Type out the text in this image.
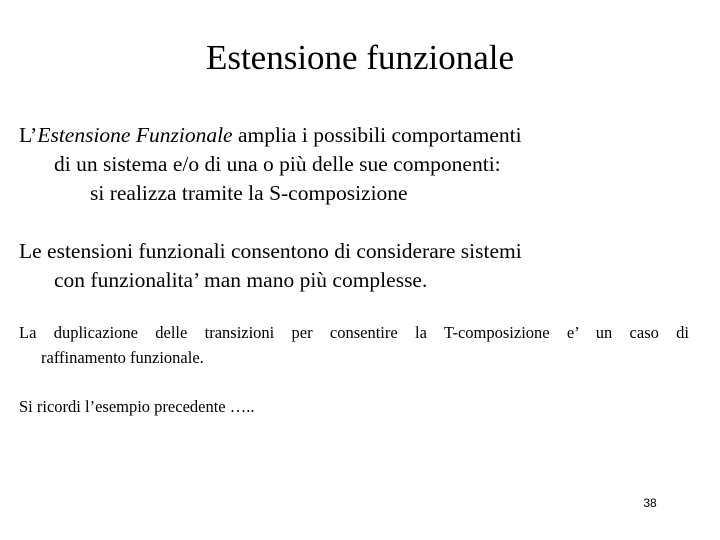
Estensione funzionale
L’Estensione Funzionale amplia i possibili comportamenti
di un sistema e/o di una o più delle sue componenti:
si realizza tramite la S-composizione
Le estensioni funzionali consentono di considerare sistemi
con funzionalita’ man mano più complesse.
La duplicazione delle transizioni per consentire la T-composizione e’ un caso di
raffinamento funzionale.
Si ricordi l’esempio precedente …..
38
